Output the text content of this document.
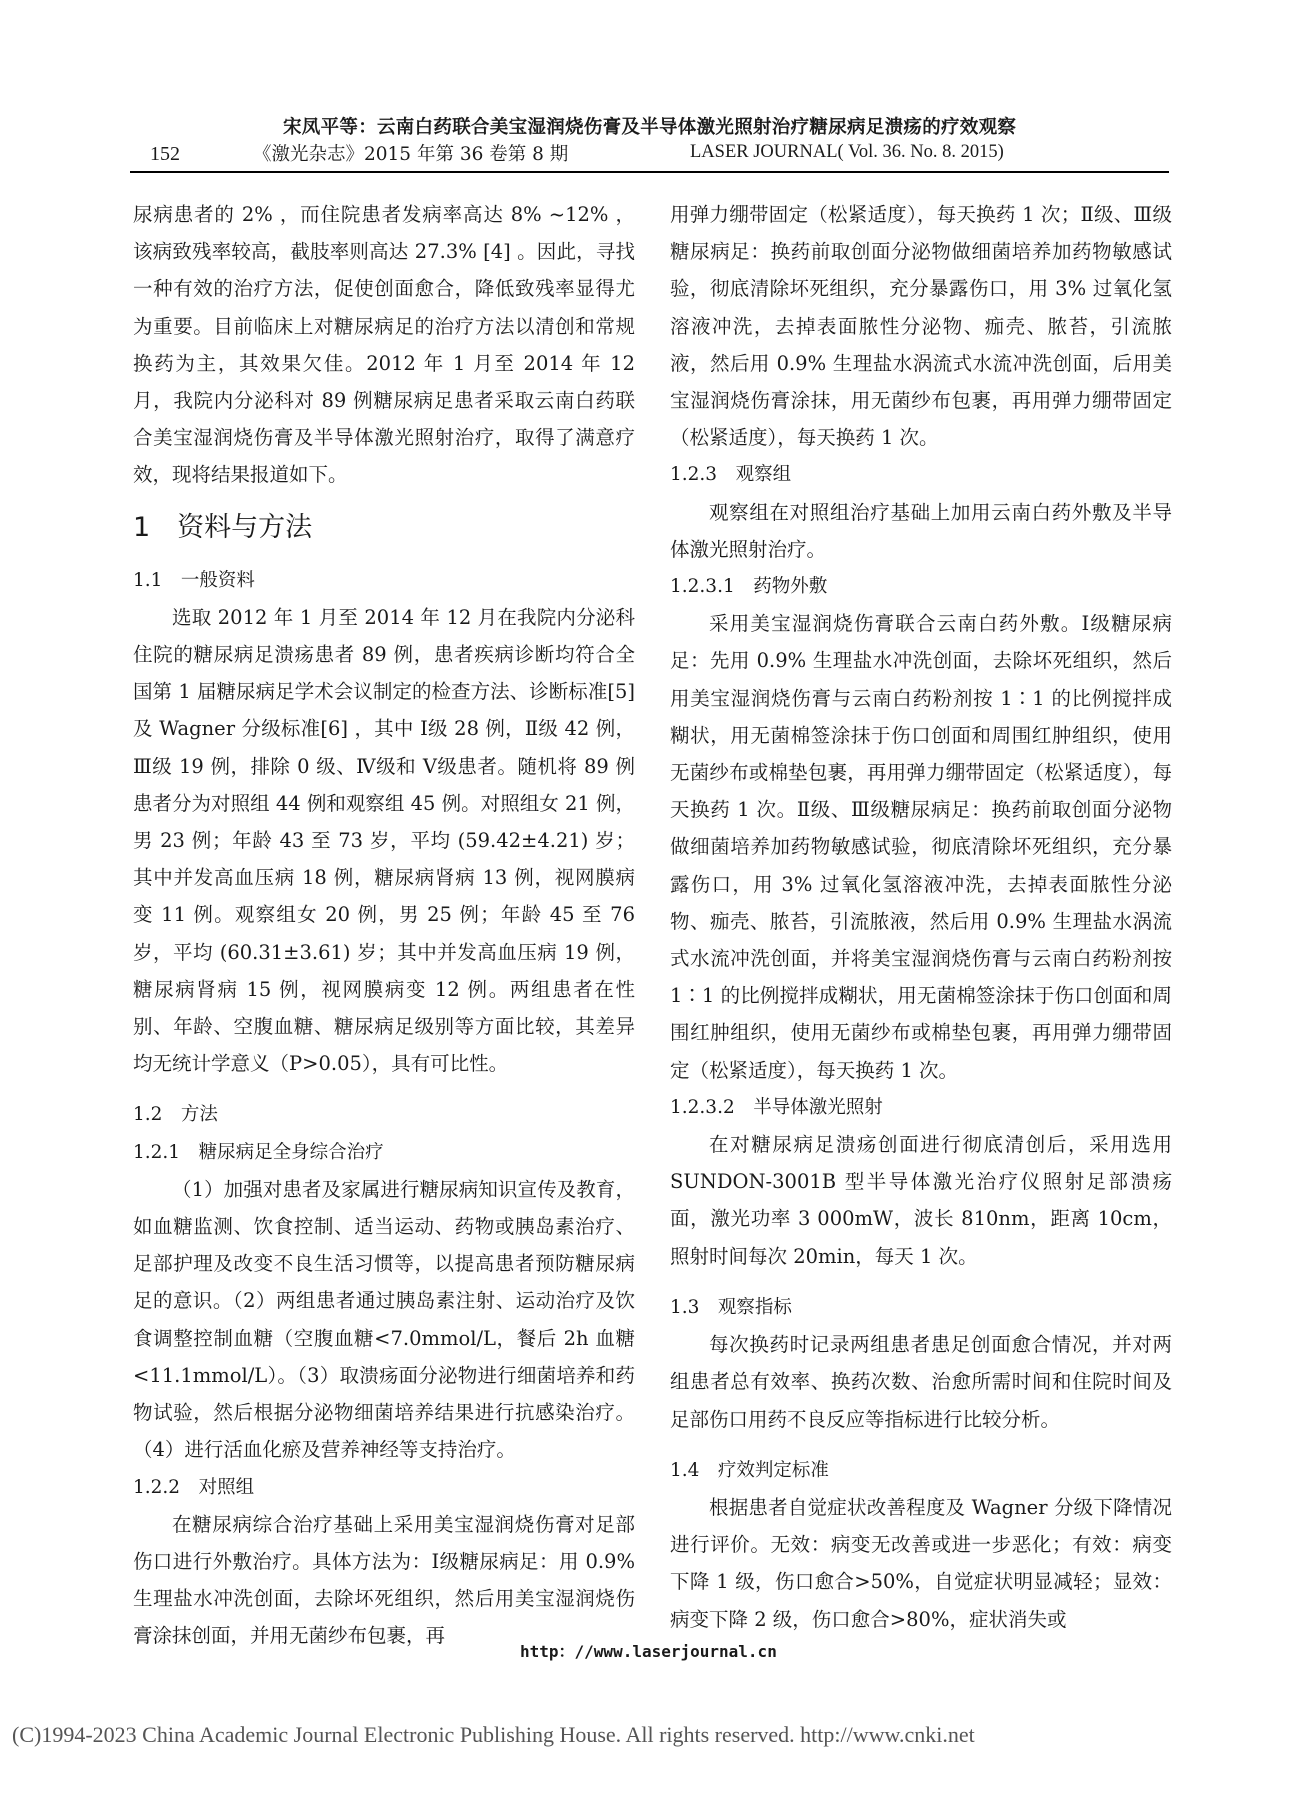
宋凤平等：云南白药联合美宝湿润烧伤膏及半导体激光照射治疗糖尿病足溃疡的疗效观察
152	《激光杂志》2015 年第 36 卷第 8 期	LASER JOURNAL( Vol. 36. No. 8. 2015)

尿病患者的 2% ，而住院患者发病率高达 8% ~12% ，该病致残率较高，截肢率则高达 27.3% [4] 。因此，寻找一种有效的治疗方法，促使创面愈合，降低致残率显得尤为重要。目前临床上对糖尿病足的治疗方法以清创和常规换药为主，其效果欠佳。2012 年 1 月至 2014 年 12 月，我院内分泌科对 89 例糖尿病足患者采取云南白药联合美宝湿润烧伤膏及半导体激光照射治疗，取得了满意疗效，现将结果报道如下。

1　资料与方法
1.1　一般资料

选取 2012 年 1 月至 2014 年 12 月在我院内分泌科住院的糖尿病足溃疡患者 89 例，患者疾病诊断均符合全国第 1 届糖尿病足学术会议制定的检查方法、诊断标准[5] 及 Wagner 分级标准[6] ，其中 Ⅰ级 28 例，Ⅱ级 42 例，Ⅲ级 19 例，排除 0 级、Ⅳ级和 Ⅴ级患者。随机将 89 例患者分为对照组 44 例和观察组 45 例。对照组女 21 例，男 23 例；年龄 43 至 73 岁，平均 (59.42±4.21) 岁；其中并发高血压病 18 例，糖尿病肾病 13 例，视网膜病变 11 例。观察组女 20 例，男 25 例；年龄 45 至 76 岁，平均 (60.31±3.61) 岁；其中并发高血压病 19 例，糖尿病肾病 15 例，视网膜病变 12 例。两组患者在性别、年龄、空腹血糖、糖尿病足级别等方面比较，其差异均无统计学意义（P>0.05），具有可比性。

1.2　方法
1.2.1　糖尿病足全身综合治疗

（1）加强对患者及家属进行糖尿病知识宣传及教育，如血糖监测、饮食控制、适当运动、药物或胰岛素治疗、足部护理及改变不良生活习惯等，以提高患者预防糖尿病足的意识。（2）两组患者通过胰岛素注射、运动治疗及饮食调整控制血糖（空腹血糖<7.0mmol/L，餐后 2h 血糖<11.1mmol/L）。（3）取溃疡面分泌物进行细菌培养和药物试验，然后根据分泌物细菌培养结果进行抗感染治疗。（4）进行活血化瘀及营养神经等支持治疗。

1.2.2　对照组

在糖尿病综合治疗基础上采用美宝湿润烧伤膏对足部伤口进行外敷治疗。具体方法为：Ⅰ级糖尿病足：用 0.9% 生理盐水冲洗创面，去除坏死组织，然后用美宝湿润烧伤膏涂抹创面，并用无菌纱布包裹，再

用弹力绷带固定（松紧适度），每天换药 1 次；Ⅱ级、Ⅲ级糖尿病足：换药前取创面分泌物做细菌培养加药物敏感试验，彻底清除坏死组织，充分暴露伤口，用 3% 过氧化氢溶液冲洗，去掉表面脓性分泌物、痂壳、脓苔，引流脓液，然后用 0.9% 生理盐水涡流式水流冲洗创面，后用美宝湿润烧伤膏涂抹，用无菌纱布包裹，再用弹力绷带固定（松紧适度），每天换药 1 次。

1.2.3　观察组

观察组在对照组治疗基础上加用云南白药外敷及半导体激光照射治疗。

1.2.3.1　药物外敷

采用美宝湿润烧伤膏联合云南白药外敷。Ⅰ级糖尿病足：先用 0.9% 生理盐水冲洗创面，去除坏死组织，然后用美宝湿润烧伤膏与云南白药粉剂按 1∶1 的比例搅拌成糊状，用无菌棉签涂抹于伤口创面和周围红肿组织，使用无菌纱布或棉垫包裹，再用弹力绷带固定（松紧适度），每天换药 1 次。Ⅱ级、Ⅲ级糖尿病足：换药前取创面分泌物做细菌培养加药物敏感试验，彻底清除坏死组织，充分暴露伤口，用 3% 过氧化氢溶液冲洗，去掉表面脓性分泌物、痂壳、脓苔，引流脓液，然后用 0.9% 生理盐水涡流式水流冲洗创面，并将美宝湿润烧伤膏与云南白药粉剂按 1∶1 的比例搅拌成糊状，用无菌棉签涂抹于伤口创面和周围红肿组织，使用无菌纱布或棉垫包裹，再用弹力绷带固定（松紧适度），每天换药 1 次。

1.2.3.2　半导体激光照射

在对糖尿病足溃疡创面进行彻底清创后，采用选用 SUNDON-3001B 型半导体激光治疗仪照射足部溃疡面，激光功率 3 000mW，波长 810nm，距离 10cm，照射时间每次 20min，每天 1 次。

1.3　观察指标

每次换药时记录两组患者患足创面愈合情况，并对两组患者总有效率、换药次数、治愈所需时间和住院时间及足部伤口用药不良反应等指标进行比较分析。

1.4　疗效判定标准

根据患者自觉症状改善程度及 Wagner 分级下降情况进行评价。无效：病变无改善或进一步恶化；有效：病变下降 1 级，伤口愈合>50%，自觉症状明显减轻；显效：病变下降 2 级，伤口愈合>80%，症状消失或

http：//www.laserjournal.cn
(C)1994-2023 China Academic Journal Electronic Publishing House. All rights reserved. http://www.cnki.net
